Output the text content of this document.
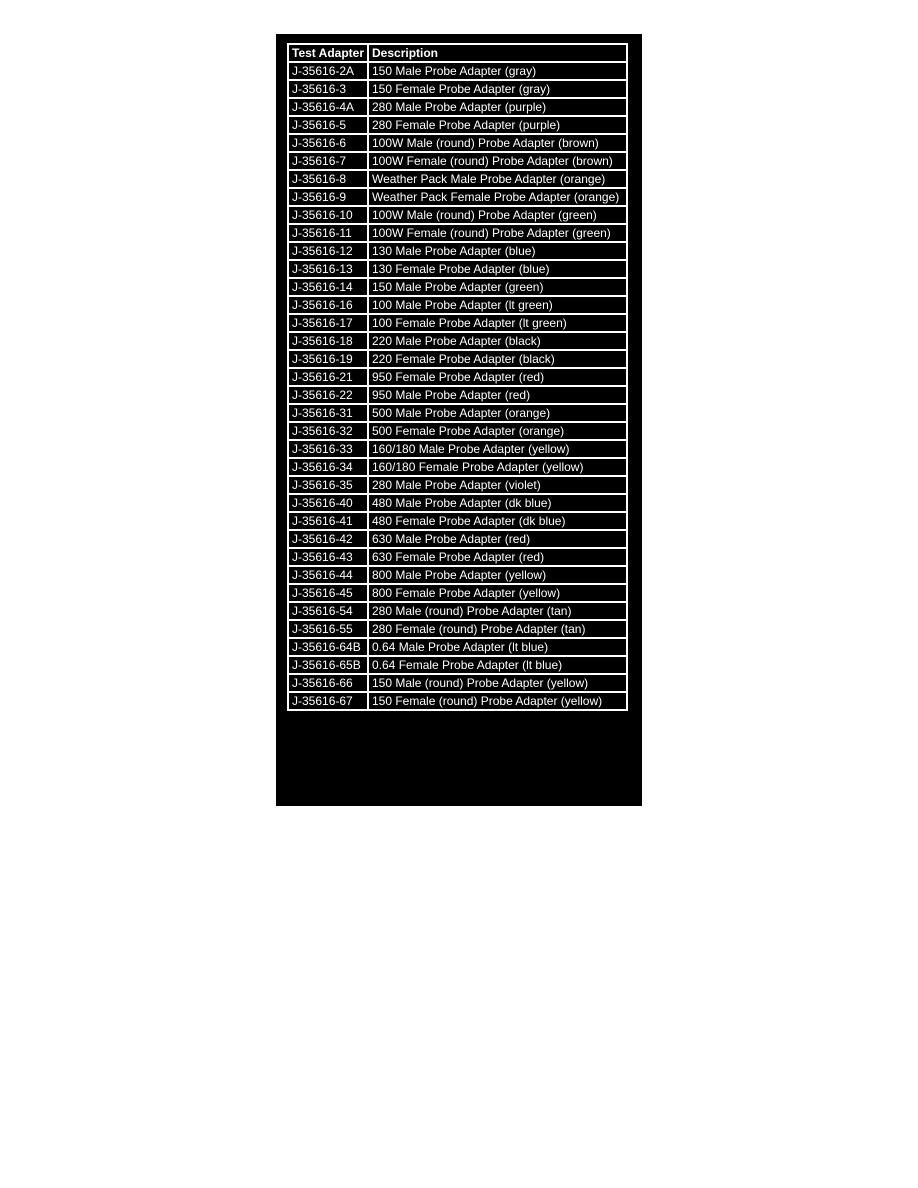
Test Adapter	Description
J-35616-2A	150 Male Probe Adapter (gray)
J-35616-3	150 Female Probe Adapter (gray)
J-35616-4A	280 Male Probe Adapter (purple)
J-35616-5	280 Female Probe Adapter (purple)
J-35616-6	100W Male (round) Probe Adapter (brown)
J-35616-7	100W Female (round) Probe Adapter (brown)
J-35616-8	Weather Pack Male Probe Adapter (orange)
J-35616-9	Weather Pack Female Probe Adapter (orange)
J-35616-10	100W Male (round) Probe Adapter (green)
J-35616-11	100W Female (round) Probe Adapter (green)
J-35616-12	130 Male Probe Adapter (blue)
J-35616-13	130 Female Probe Adapter (blue)
J-35616-14	150 Male Probe Adapter (green)
J-35616-16	100 Male Probe Adapter (lt green)
J-35616-17	100 Female Probe Adapter (lt green)
J-35616-18	220 Male Probe Adapter (black)
J-35616-19	220 Female Probe Adapter (black)
J-35616-21	950 Female Probe Adapter (red)
J-35616-22	950 Male Probe Adapter (red)
J-35616-31	500 Male Probe Adapter (orange)
J-35616-32	500 Female Probe Adapter (orange)
J-35616-33	160/180 Male Probe Adapter (yellow)
J-35616-34	160/180 Female Probe Adapter (yellow)
J-35616-35	280 Male Probe Adapter (violet)
J-35616-40	480 Male Probe Adapter (dk blue)
J-35616-41	480 Female Probe Adapter (dk blue)
J-35616-42	630 Male Probe Adapter (red)
J-35616-43	630 Female Probe Adapter (red)
J-35616-44	800 Male Probe Adapter (yellow)
J-35616-45	800 Female Probe Adapter (yellow)
J-35616-54	280 Male (round) Probe Adapter (tan)
J-35616-55	280 Female (round) Probe Adapter (tan)
J-35616-64B	0.64 Male Probe Adapter (lt blue)
J-35616-65B	0.64 Female Probe Adapter (lt blue)
J-35616-66	150 Male (round) Probe Adapter (yellow)
J-35616-67	150 Female (round) Probe Adapter (yellow)
